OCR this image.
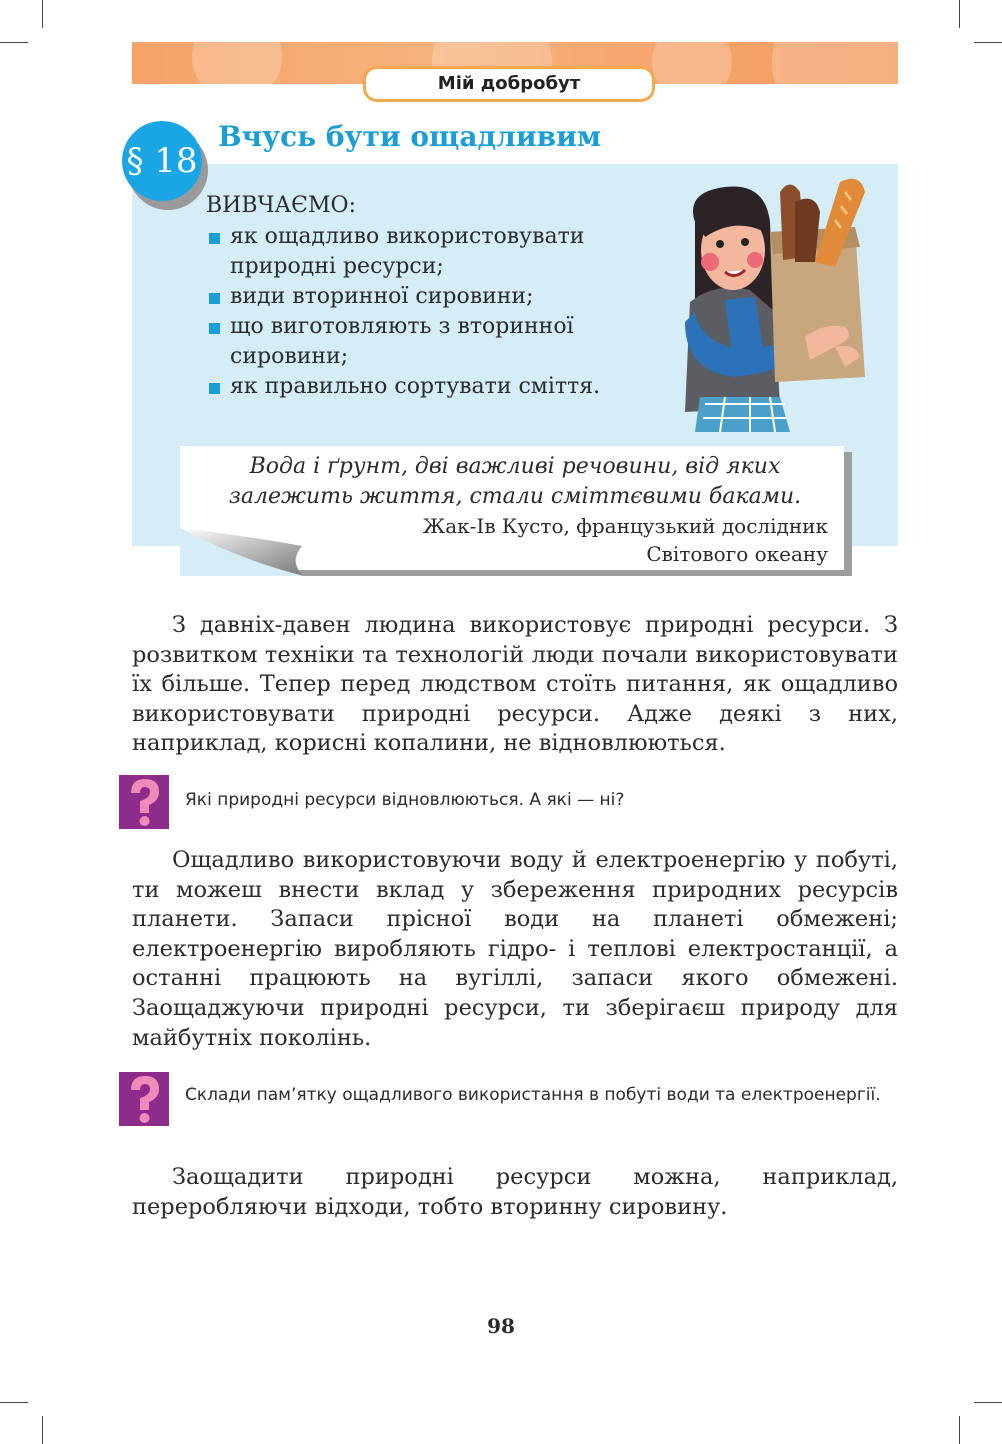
Мій добробут
§ 18
Вчусь бути ощадливим
ВИВЧАЄМО:
як ощадливо використовувати природні ресурси;
види вторинної сировини;
що виготовляють з вторинної сировини;
як правильно сортувати сміття.
Вода і ґрунт, дві важливі речовини, від яких залежить життя, стали сміттєвими баками.
Жак-Ів Кусто, французький дослідник
Світового океану

З давніх-давен людина використовує природні ресурси. З розвитком техніки та технологій люди почали використовувати їх більше. Тепер перед людством стоїть питання, як ощадливо використовувати природні ресурси. Адже деякі з них, наприклад, корисні копалини, не відновлюються.

Які природні ресурси відновлюються. А які — ні?

Ощадливо використовуючи воду й електроенергію у побуті, ти можеш внести вклад у збереження природних ресурсів планети. Запаси прісної води на планеті обмежені; електроенергію виробляють гідро- і теплові електростанції, а останні працюють на вугіллі, запаси якого обмежені. Заощаджуючи природні ресурси, ти зберігаєш природу для майбутніх поколінь.

Склади пам’ятку ощадливого використання в побуті води та електроенергії.

Заощадити природні ресурси можна, наприклад, переробляючи відходи, тобто вторинну сировину.

98
